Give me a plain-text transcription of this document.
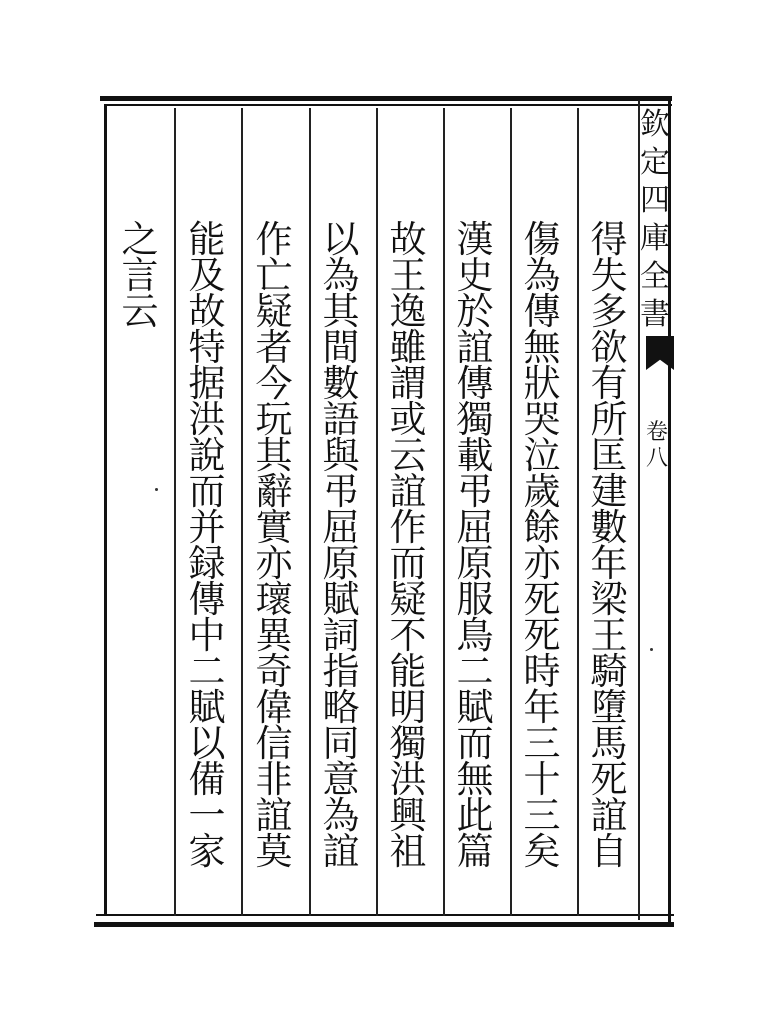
欽
定
四
庫
全
書
卷
八
得
失
多
欲
有
所
匡
建
數
年
梁
王
騎
墮
馬
死
誼
自
傷
為
傳
無
狀
哭
泣
歲
餘
亦
死
死
時
年
三
十
三
矣
漢
史
於
誼
傳
獨
載
弔
屈
原
服
鳥
二
賦
而
無
此
篇
故
王
逸
雖
謂
或
云
誼
作
而
疑
不
能
明
獨
洪
興
祖
以
為
其
間
數
語
與
弔
屈
原
賦
詞
指
略
同
意
為
誼
作
亡
疑
者
今
玩
其
辭
實
亦
瓌
異
奇
偉
信
非
誼
莫
能
及
故
特
据
洪
說
而
并
録
傳
中
二
賦
以
備
一
家
之
言
云
